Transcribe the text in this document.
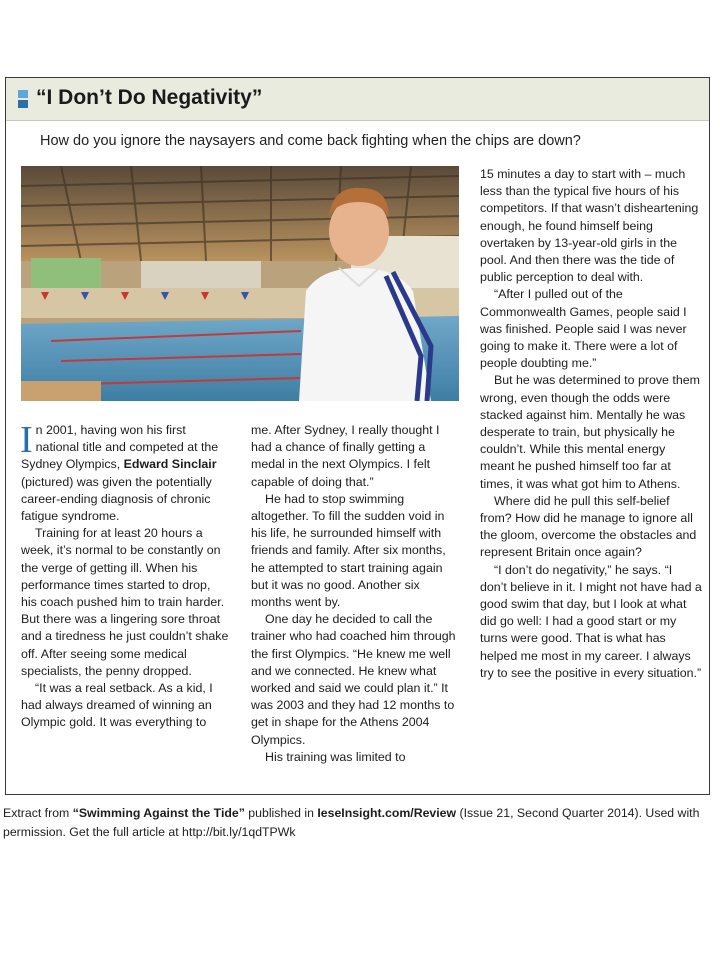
“I Don’t Do Negativity”
How do you ignore the naysayers and come back fighting when the chips are down?

In 2001, having won his first national title and competed at the Sydney Olympics, Edward Sinclair (pictured) was given the potentially career-ending diagnosis of chronic fatigue syndrome.

Training for at least 20 hours a week, it’s normal to be constantly on the verge of getting ill. When his performance times started to drop, his coach pushed him to train harder. But there was a lingering sore throat and a tiredness he just couldn’t shake off. After seeing some medical specialists, the penny dropped.

“It was a real setback. As a kid, I had always dreamed of winning an Olympic gold. It was everything to

me. After Sydney, I really thought I had a chance of finally getting a medal in the next Olympics. I felt capable of doing that.”

He had to stop swimming altogether. To fill the sudden void in his life, he surrounded himself with friends and family. After six months, he attempted to start training again but it was no good. Another six months went by.

One day he decided to call the trainer who had coached him through the first Olympics. “He knew me well and we connected. He knew what worked and said we could plan it.” It was 2003 and they had 12 months to get in shape for the Athens 2004 Olympics.

His training was limited to

15 minutes a day to start with – much less than the typical five hours of his competitors. If that wasn’t disheartening enough, he found himself being overtaken by 13-year-old girls in the pool. And then there was the tide of public perception to deal with.

“After I pulled out of the Commonwealth Games, people said I was finished. People said I was never going to make it. There were a lot of people doubting me.”

But he was determined to prove them wrong, even though the odds were stacked against him. Mentally he was desperate to train, but physically he couldn’t. While this mental energy meant he pushed himself too far at times, it was what got him to Athens.

Where did he pull this self-belief from? How did he manage to ignore all the gloom, overcome the obstacles and represent Britain once again?

“I don’t do negativity,” he says. “I don’t believe in it. I might not have had a good swim that day, but I look at what did go well: I had a good start or my turns were good. That is what has helped me most in my career. I always try to see the positive in every situation.”

Extract from “Swimming Against the Tide” published in IeseInsight.com/Review (Issue 21, Second Quarter 2014). Used with permission. Get the full article at http://bit.ly/1qdTPWk
